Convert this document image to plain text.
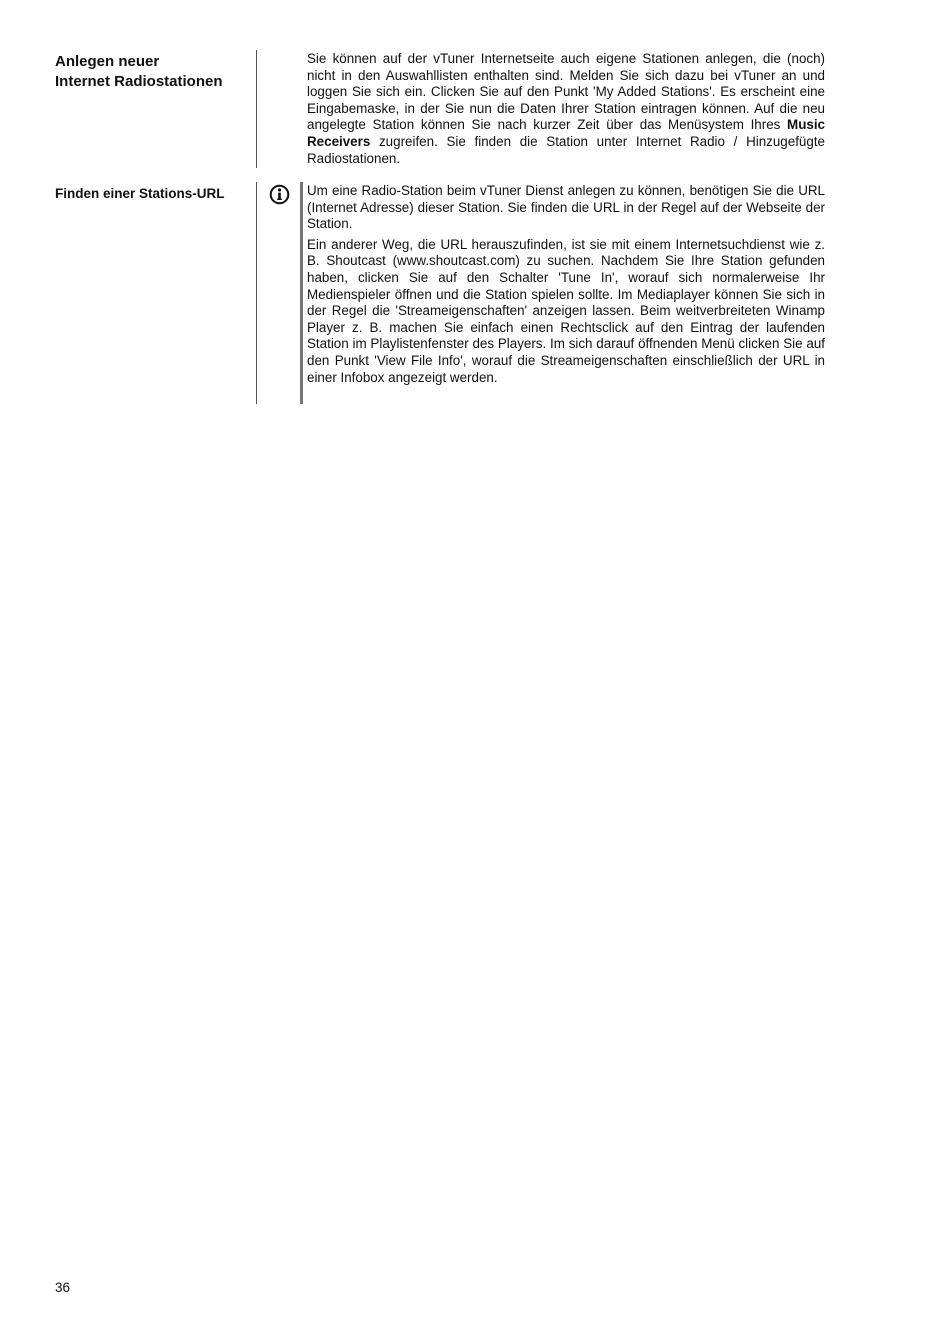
Anlegen neuer
Internet Radiostationen

Sie können auf der vTuner Internetseite auch eigene Stationen anlegen, die (noch) nicht in den Auswahllisten enthalten sind. Melden Sie sich dazu bei vTuner an und loggen Sie sich ein. Clicken Sie auf den Punkt 'My Added Stations'. Es erscheint eine Eingabemaske, in der Sie nun die Daten Ihrer Station eintragen können. Auf die neu angelegte Station können Sie nach kurzer Zeit über das Menüsystem Ihres Music Receivers zugreifen. Sie finden die Station unter Internet Radio / Hinzugefügte Radiostationen.

Finden einer Stations-URL	Um eine Radio-Station beim vTuner Dienst anlegen zu können, benötigen Sie die URL (Internet Adresse) dieser Station. Sie finden die URL in der Regel auf der Webseite der Station.

Ein anderer Weg, die URL herauszufinden, ist sie mit einem Internetsuchdienst wie z. B. Shoutcast (www.shoutcast.com) zu suchen. Nachdem Sie Ihre Station gefunden haben, clicken Sie auf den Schalter 'Tune In', worauf sich normalerweise Ihr Medienspieler öffnen und die Station spielen sollte. Im Mediaplayer können Sie sich in der Regel die 'Streameigenschaften' anzeigen lassen. Beim weitverbreiteten Winamp Player z. B. machen Sie einfach einen Rechtsclick auf den Eintrag der laufenden Station im Playlistenfenster des Players. Im sich darauf öffnenden Menü clicken Sie auf den Punkt 'View File Info', worauf die Streameigenschaften einschließlich der URL in einer Infobox angezeigt werden.

36
